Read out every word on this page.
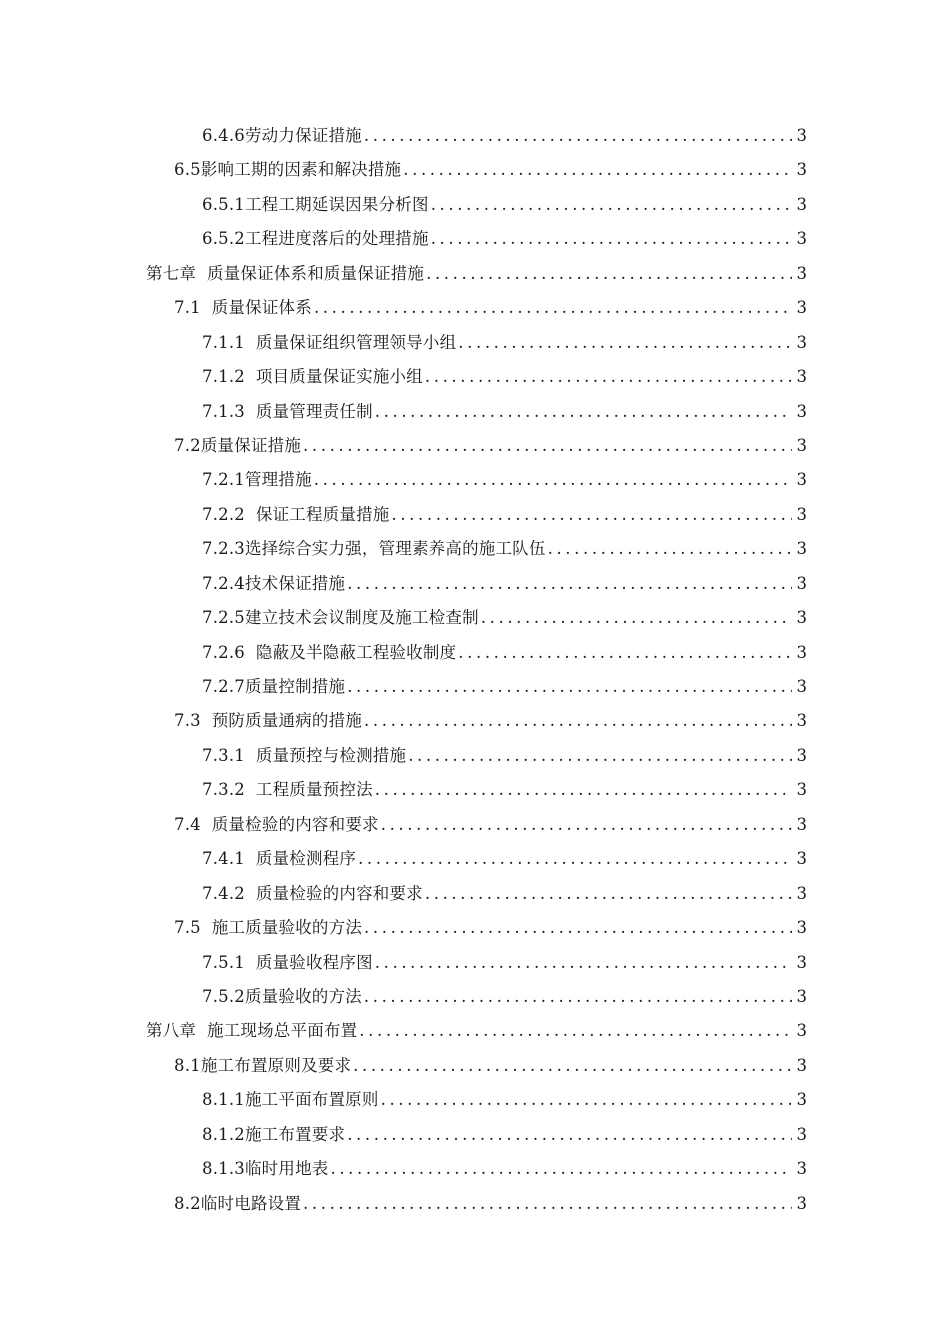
6.4.6劳动力保证措施 .....	3
6.5影响工期的因素和解决措施 .....	3
6.5.1工程工期延误因果分析图 .....	3
6.5.2工程进度落后的处理措施 .....	3
第七章  质量保证体系和质量保证措施 .....	3
7.1  质量保证体系 .....	3
7.1.1  质量保证组织管理领导小组 .....	3
7.1.2  项目质量保证实施小组 .....	3
7.1.3  质量管理责任制 .....	3
7.2质量保证措施 .....	3
7.2.1管理措施 .....	3
7.2.2  保证工程质量措施 .....	3
7.2.3选择综合实力强，管理素养高的施工队伍 .....	3
7.2.4技术保证措施 .....	3
7.2.5建立技术会议制度及施工检查制 .....	3
7.2.6  隐蔽及半隐蔽工程验收制度 .....	3
7.2.7质量控制措施 .....	3
7.3  预防质量通病的措施 .....	3
7.3.1  质量预控与检测措施 .....	3
7.3.2  工程质量预控法 .....	3
7.4  质量检验的内容和要求 .....	3
7.4.1  质量检测程序 .....	3
7.4.2  质量检验的内容和要求 .....	3
7.5  施工质量验收的方法 .....	3
7.5.1  质量验收程序图 .....	3
7.5.2质量验收的方法 .....	3
第八章  施工现场总平面布置 .....	3
8.1施工布置原则及要求 .....	3
8.1.1施工平面布置原则 .....	3
8.1.2施工布置要求 .....	3
8.1.3临时用地表 .....	3
8.2临时电路设置 .....	3
